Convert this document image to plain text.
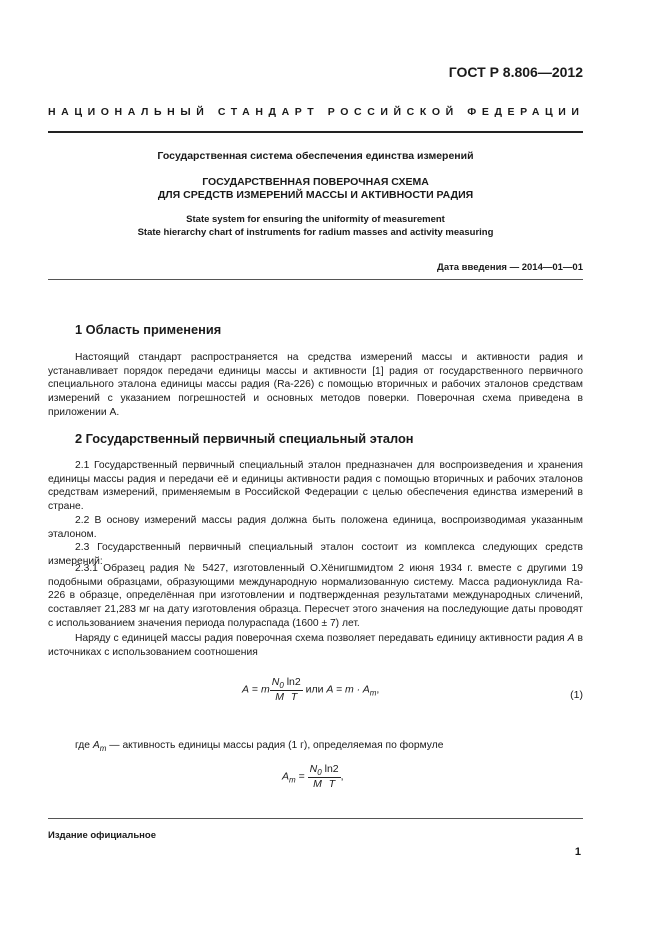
ГОСТ Р 8.806—2012
НАЦИОНАЛЬНЫЙ СТАНДАРТ РОССИЙСКОЙ ФЕДЕРАЦИИ
Государственная система обеспечения единства измерений
ГОСУДАРСТВЕННАЯ ПОВЕРОЧНАЯ СХЕМА
ДЛЯ СРЕДСТВ ИЗМЕРЕНИЙ МАССЫ И АКТИВНОСТИ РАДИЯ
State system for ensuring the uniformity of measurement
State hierarchy chart of instruments for radium masses and activity measuring
Дата введения — 2014—01—01
1 Область применения
Настоящий стандарт распространяется на средства измерений массы и активности радия и устанавливает порядок передачи единицы массы и активности [1] радия от государственного первичного специального эталона единицы массы радия (Ra-226) с помощью вторичных и рабочих эталонов средствам измерений с указанием погрешностей и основных методов поверки. Поверочная схема приведена в приложении А.
2 Государственный первичный специальный эталон
2.1 Государственный первичный специальный эталон предназначен для воспроизведения и хранения единицы массы радия и передачи её и единицы активности радия с помощью вторичных и рабочих эталонов средствам измерений, применяемым в Российской Федерации с целью обеспечения единства измерений в стране.
2.2 В основу измерений массы радия должна быть положена единица, воспроизводимая указанным эталоном.
2.3 Государственный первичный специальный эталон состоит из комплекса следующих средств измерений:
2.3.1 Образец радия № 5427, изготовленный О.Хёнигшмидтом 2 июня 1934 г. вместе с другими 19 подобными образцами, образующими международную нормализованную систему. Масса радионуклида Ra-226 в образце, определённая при изготовлении и подтвержденная результатами международных сличений, составляет 21,283 мг на дату изготовления образца. Пересчет этого значения на последующие даты проводят с использованием значения периода полураспада (1600 ± 7) лет.
Наряду с единицей массы радия поверочная схема позволяет передавать единицу активности радия A в источниках с использованием соотношения
A = m $\frac{N_0 \ln 2}{\text{M T}}$ или $A = m \cdot A_m$,	(1)
где $A_m$ — активность единицы массы радия (1 г), определяемая по формуле
$A_m = \frac{N_0 \ln 2}{\text{M T}}$ ,
Издание официальное
1
